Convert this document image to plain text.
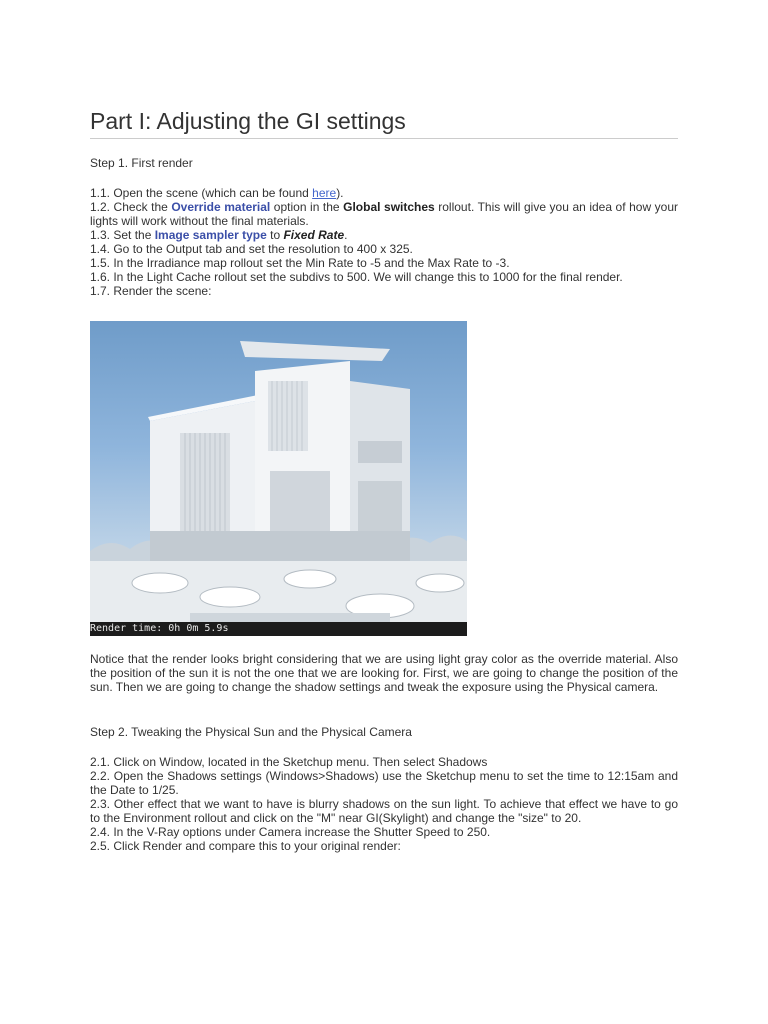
Part I: Adjusting the GI settings

Step 1. First render

1.1. Open the scene (which can be found here).
1.2. Check the Override material option in the Global switches rollout. This will give you an idea of how your lights will work without the final materials.
1.3. Set the Image sampler type to Fixed Rate.
1.4. Go to the Output tab and set the resolution to 400 x 325.
1.5. In the Irradiance map rollout set the Min Rate to -5 and the Max Rate to -3.
1.6. In the Light Cache rollout set the subdivs to 500. We will change this to 1000 for the final render.
1.7. Render the scene:
Render time: 0h 0m 5.9s

Notice that the render looks bright considering that we are using light gray color as the override material. Also the position of the sun it is not the one that we are looking for. First, we are going to change the position of the sun. Then we are going to change the shadow settings and tweak the exposure using the Physical camera.

Step 2. Tweaking the Physical Sun and the Physical Camera

2.1. Click on Window, located in the Sketchup menu. Then select Shadows
2.2. Open the Shadows settings (Windows>Shadows) use the Sketchup menu to set the time to 12:15am and the Date to 1/25.
2.3. Other effect that we want to have is blurry shadows on the sun light. To achieve that effect we have to go to the Environment rollout and click on the "M" near GI(Skylight) and change the "size" to 20.
2.4. In the V-Ray options under Camera increase the Shutter Speed to 250.
2.5. Click Render and compare this to your original render:
